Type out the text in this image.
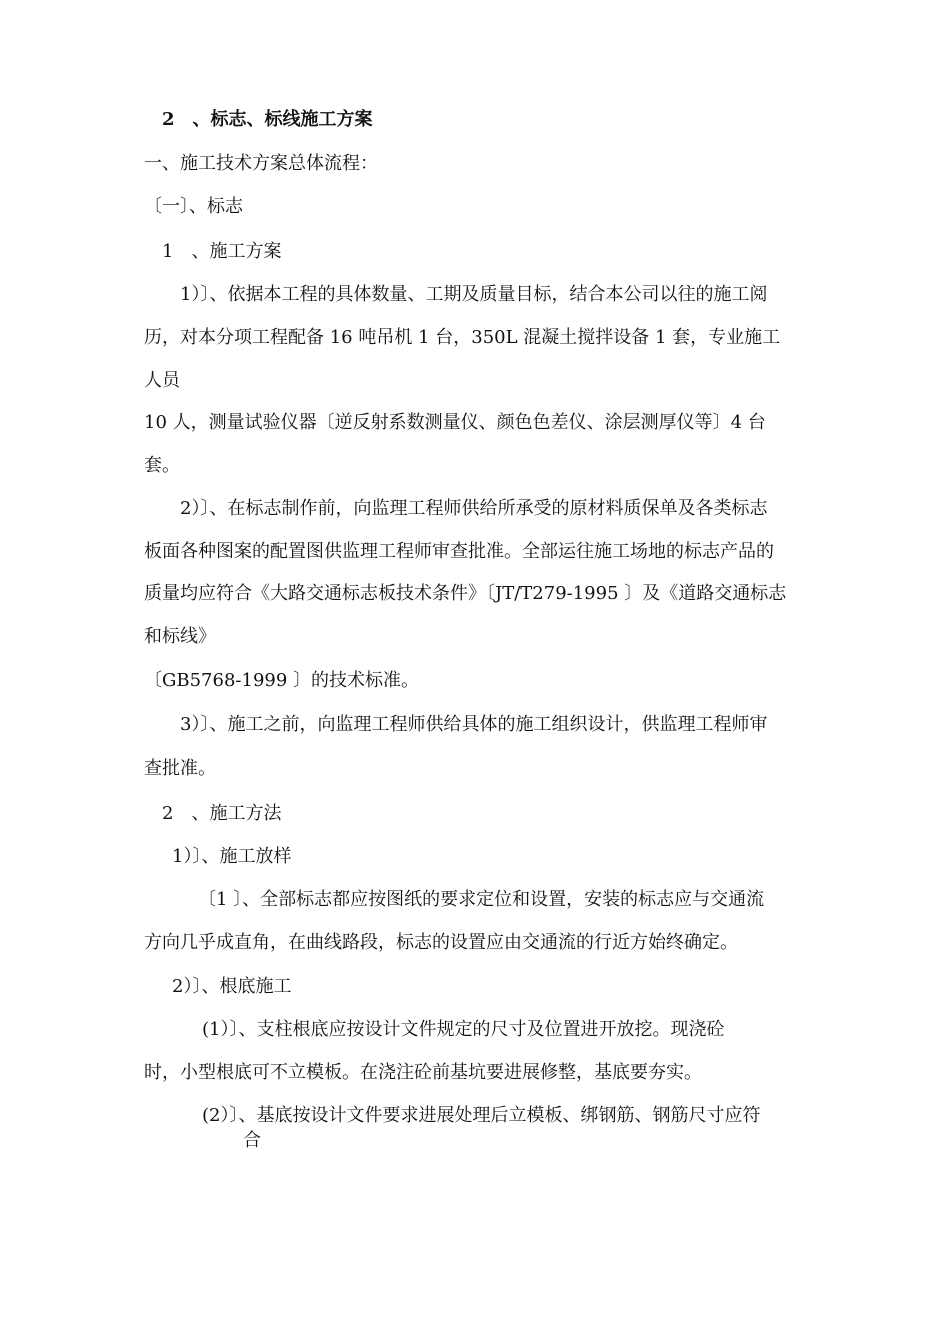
2　、标志、标线施工方案
一、施工技术方案总体流程：
〔一〕、标志
1　、施工方案
1）〕、依据本工程的具体数量、工期及质量目标，结合本公司以往的施工阅
历，对本分项工程配备 16 吨吊机 1 台，350L 混凝土搅拌设备 1 套，专业施工
人员
10 人，测量试验仪器〔逆反射系数测量仪、颜色色差仪、涂层测厚仪等〕4 台
套。
2）〕、在标志制作前，向监理工程师供给所承受的原材料质保单及各类标志
板面各种图案的配置图供监理工程师审查批准。全部运往施工场地的标志产品的
质量均应符合《大路交通标志板技术条件》〔JT/T279-1995 〕及《道路交通标志
和标线》
〔GB5768-1999 〕的技术标准。
3）〕、施工之前，向监理工程师供给具体的施工组织设计，供监理工程师审
查批准。
2　、施工方法
1）〕、施工放样
〔1 〕、全部标志都应按图纸的要求定位和设置，安装的标志应与交通流
方向几乎成直角，在曲线路段，标志的设置应由交通流的行近方始终确定。
2）〕、根底施工
(1）〕、支柱根底应按设计文件规定的尺寸及位置进开放挖。现浇砼
时，小型根底可不立模板。在浇注砼前基坑要进展修整，基底要夯实。
(2）〕、基底按设计文件要求进展处理后立模板、绑钢筋、钢筋尺寸应符
合
